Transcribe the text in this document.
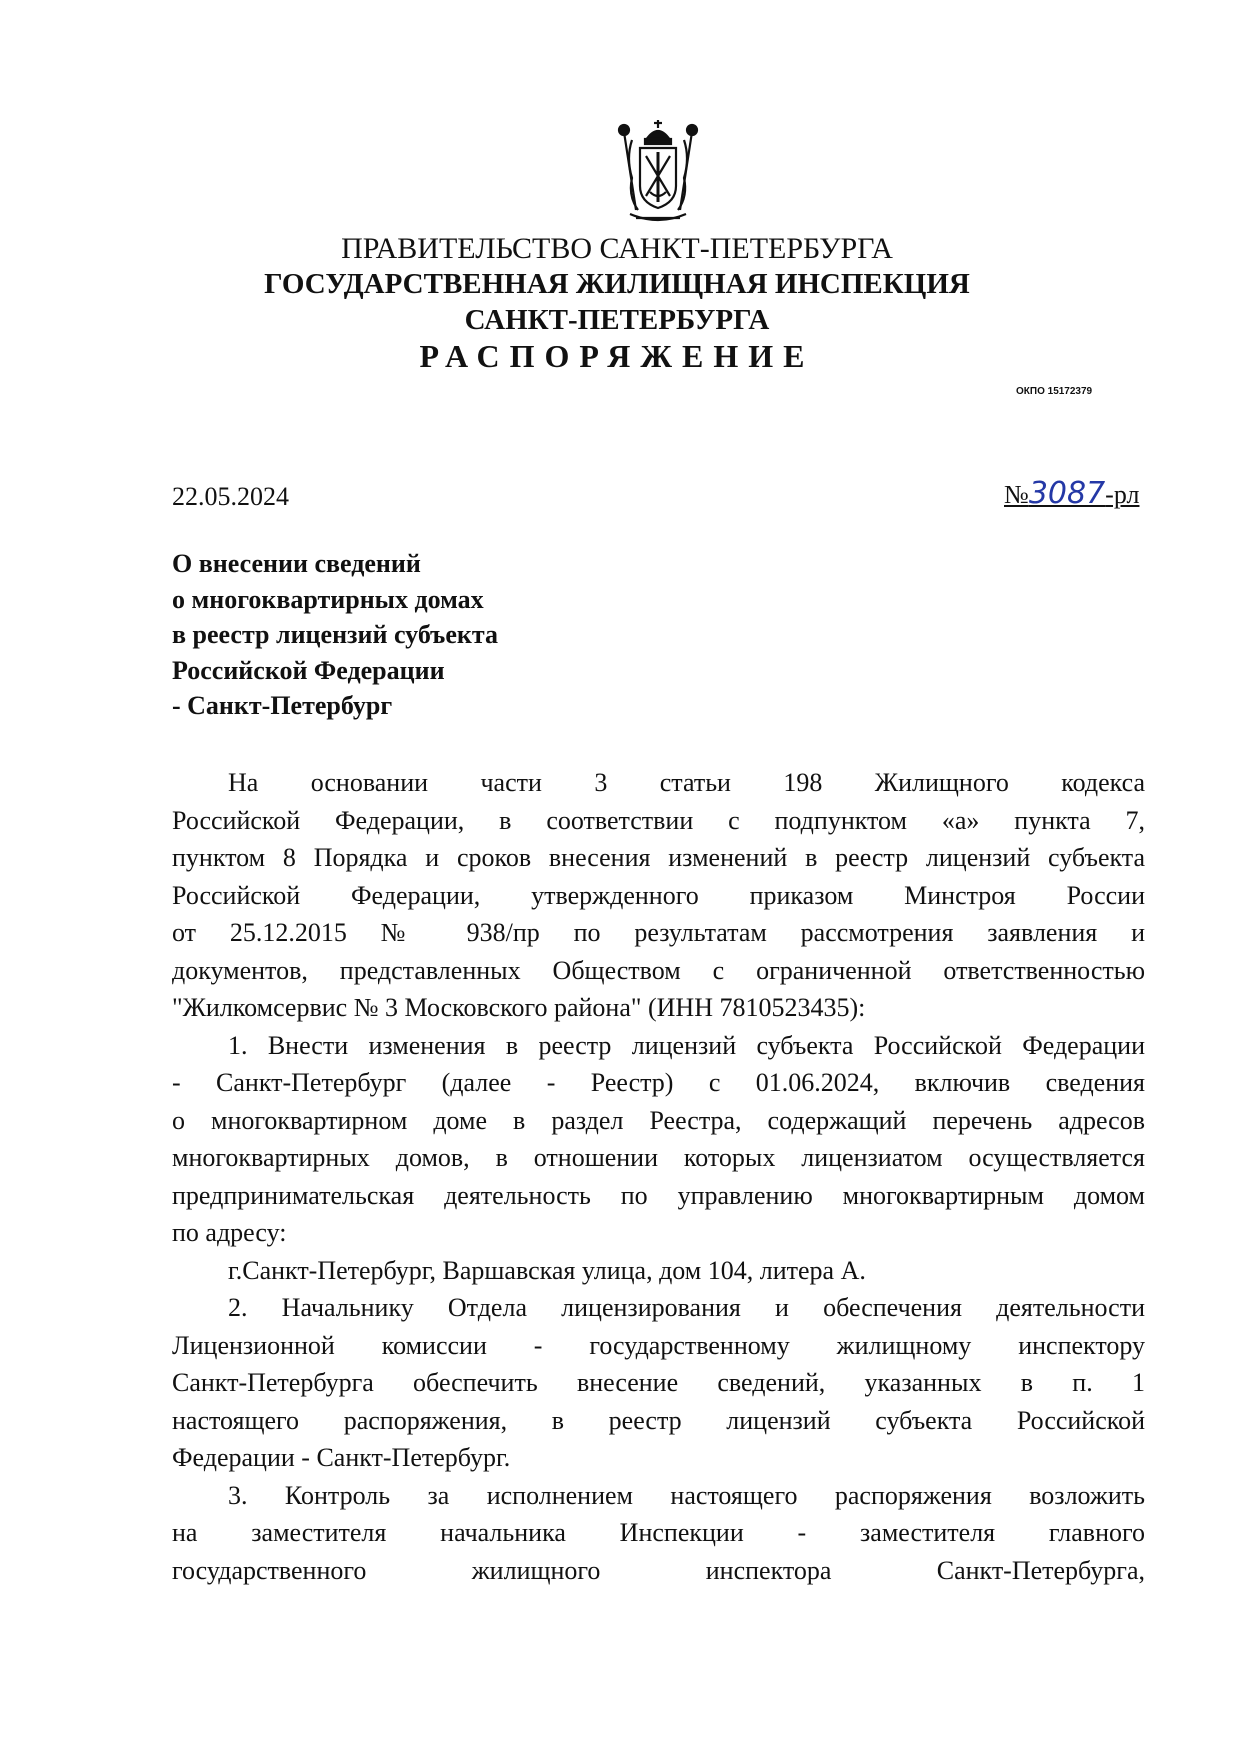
ПРАВИТЕЛЬСТВО САНКТ-ПЕТЕРБУРГА
ГОСУДАРСТВЕННАЯ ЖИЛИЩНАЯ ИНСПЕКЦИЯ
САНКТ-ПЕТЕРБУРГА
РАСПОРЯЖЕНИЕ
ОКПО 15172379
22.05.2024	№3087-рл
О внесении сведений
о многоквартирных домах
в реестр лицензий субъекта
Российской Федерации
- Санкт-Петербург
На основании части 3 статьи 198 Жилищного кодекса
Российской Федерации, в соответствии с подпунктом «а» пункта 7,
пунктом 8 Порядка и сроков внесения изменений в реестр лицензий субъекта
Российской Федерации, утвержденного приказом Минстроя России
от 25.12.2015 № 938/пр по результатам рассмотрения заявления и
документов, представленных Обществом с ограниченной ответственностью
"Жилкомсервис № 3 Московского района" (ИНН 7810523435):
1. Внести изменения в реестр лицензий субъекта Российской Федерации
- Санкт-Петербург (далее - Реестр) с 01.06.2024, включив сведения
о многоквартирном доме в раздел Реестра, содержащий перечень адресов
многоквартирных домов, в отношении которых лицензиатом осуществляется
предпринимательская деятельность по управлению многоквартирным домом
по адресу:
г.Санкт-Петербург, Варшавская улица, дом 104, литера А.
2. Начальнику Отдела лицензирования и обеспечения деятельности
Лицензионной комиссии - государственному жилищному инспектору
Санкт-Петербурга обеспечить внесение сведений, указанных в п. 1
настоящего распоряжения, в реестр лицензий субъекта Российской
Федерации - Санкт-Петербург.
3. Контроль за исполнением настоящего распоряжения возложить
на заместителя начальника Инспекции - заместителя главного
государственного жилищного инспектора Санкт-Петербурга,
